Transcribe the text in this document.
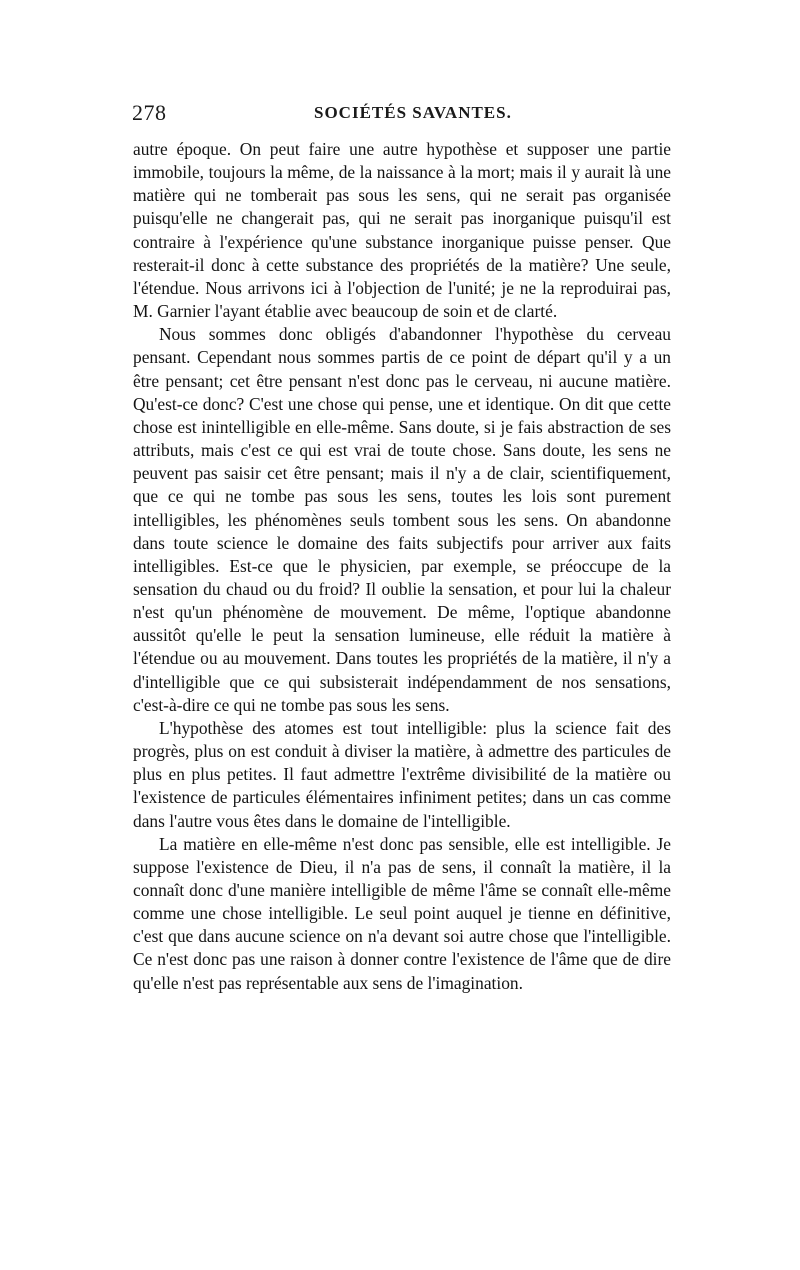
278	SOCIÉTÉS SAVANTES.

autre époque. On peut faire une autre hypothèse et supposer une partie immobile, toujours la même, de la naissance à la mort; mais il y aurait là une matière qui ne tomberait pas sous les sens, qui ne serait pas organisée puisqu'elle ne changerait pas, qui ne serait pas inorganique puisqu'il est contraire à l'expérience qu'une substance inorganique puisse penser. Que resterait-il donc à cette substance des propriétés de la matière? Une seule, l'étendue. Nous arrivons ici à l'objection de l'unité; je ne la reproduirai pas, M. Garnier l'ayant établie avec beaucoup de soin et de clarté.

Nous sommes donc obligés d'abandonner l'hypothèse du cerveau pensant. Cependant nous sommes partis de ce point de départ qu'il y a un être pensant; cet être pensant n'est donc pas le cerveau, ni aucune matière. Qu'est-ce donc? C'est une chose qui pense, une et identique. On dit que cette chose est inintelligible en elle-même. Sans doute, si je fais abstraction de ses attributs, mais c'est ce qui est vrai de toute chose. Sans doute, les sens ne peuvent pas saisir cet être pensant; mais il n'y a de clair, scientifiquement, que ce qui ne tombe pas sous les sens, toutes les lois sont purement intelligibles, les phénomènes seuls tombent sous les sens. On abandonne dans toute science le domaine des faits subjectifs pour arriver aux faits intelligibles. Est-ce que le physicien, par exemple, se préoccupe de la sensation du chaud ou du froid? Il oublie la sensation, et pour lui la chaleur n'est qu'un phénomène de mouvement. De même, l'optique abandonne aussitôt qu'elle le peut la sensation lumineuse, elle réduit la matière à l'étendue ou au mouvement. Dans toutes les propriétés de la matière, il n'y a d'intelligible que ce qui subsisterait indépendamment de nos sensations, c'est-à-dire ce qui ne tombe pas sous les sens.

L'hypothèse des atomes est tout intelligible: plus la science fait des progrès, plus on est conduit à diviser la matière, à admettre des particules de plus en plus petites. Il faut admettre l'extrême divisibilité de la matière ou l'existence de particules élémentaires infiniment petites; dans un cas comme dans l'autre vous êtes dans le domaine de l'intelligible.

La matière en elle-même n'est donc pas sensible, elle est intelligible. Je suppose l'existence de Dieu, il n'a pas de sens, il connaît la matière, il la connaît donc d'une manière intelligible de même l'âme se connaît elle-même comme une chose intelligible. Le seul point auquel je tienne en définitive, c'est que dans aucune science on n'a devant soi autre chose que l'intelligible. Ce n'est donc pas une raison à donner contre l'existence de l'âme que de dire qu'elle n'est pas représentable aux sens de l'imagination.
